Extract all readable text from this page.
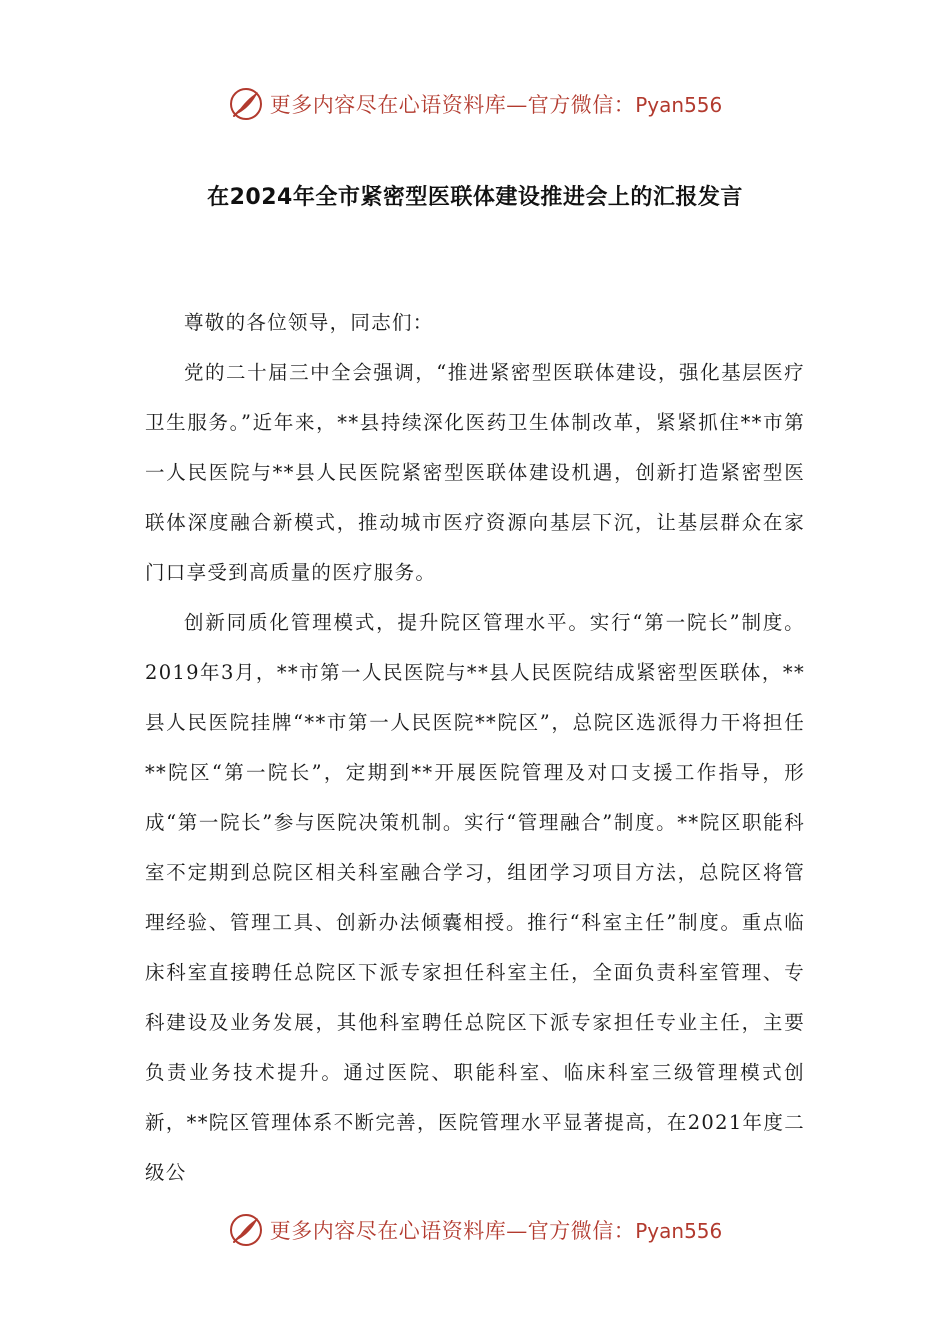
更多内容尽在心语资料库—官方微信：Pyan556
在2024年全市紧密型医联体建设推进会上的汇报发言

尊敬的各位领导，同志们：

党的二十届三中全会强调，“推进紧密型医联体建设，强化基层医疗卫生服务。”近年来，**县持续深化医药卫生体制改革，紧紧抓住**市第一人民医院与**县人民医院紧密型医联体建设机遇，创新打造紧密型医联体深度融合新模式，推动城市医疗资源向基层下沉，让基层群众在家门口享受到高质量的医疗服务。

创新同质化管理模式，提升院区管理水平。实行“第一院长”制度。2019年3月，**市第一人民医院与**县人民医院结成紧密型医联体，**县人民医院挂牌“**市第一人民医院**院区”，总院区选派得力干将担任**院区“第一院长”，定期到**开展医院管理及对口支援工作指导，形成“第一院长”参与医院决策机制。实行“管理融合”制度。**院区职能科室不定期到总院区相关科室融合学习，组团学习项目方法，总院区将管理经验、管理工具、创新办法倾囊相授。推行“科室主任”制度。重点临床科室直接聘任总院区下派专家担任科室主任，全面负责科室管理、专科建设及业务发展，其他科室聘任总院区下派专家担任专业主任，主要负责业务技术提升。通过医院、职能科室、临床科室三级管理模式创新，**院区管理体系不断完善，医院管理水平显著提高，在2021年度二级公

更多内容尽在心语资料库—官方微信：Pyan556
